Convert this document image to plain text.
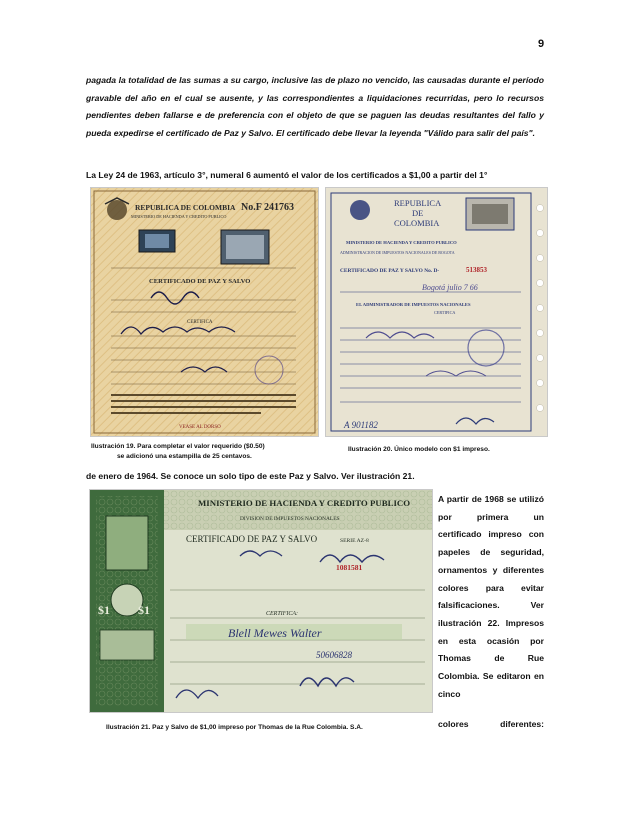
9

pagada la totalidad de las sumas a su cargo, inclusive las de plazo no vencido, las causadas durante el período gravable del año en el cual se ausente, y las correspondientes a liquidaciones recurridas, pero lo recursos pendientes deben fallarse e de preferencia con el objeto de que se paguen las deudas resultantes del fallo y pueda expedirse el certificado de Paz y Salvo. El certificado debe llevar la leyenda "Válido para salir del país".

La Ley 24 de 1963, artículo 3°, numeral 6 aumentó el valor de los certificados a $1,00 a partir del 1°

REPUBLICA DE COLOMBIA
MINISTERIO DE HACIENDA Y CREDITO PUBLICO
No.F 241763
CERTIFICADO DE PAZ Y SALVO
CERTIFICA
VEASE AL DORSO
REPUBLICA
DE
COLOMBIA
MINISTERIO DE HACIENDA Y CREDITO PUBLICO
ADMINISTRACION DE IMPUESTOS NACIONALES DE BOGOTA
CERTIFICADO DE PAZ Y SALVO No. D-	513853
Bogotá julio 7 66
EL ADMINISTRADOR DE IMPUESTOS NACIONALES
CERTIFICA
A 901182

Ilustración 19. Para completar el valor requerido ($0.50)

se adicionó una estampilla de 25 centavos.

Ilustración 20. Único modelo con $1 impreso.

de enero de 1964. Se conoce un solo tipo de este Paz y Salvo. Ver ilustración 21.

$1 $1
MINISTERIO DE HACIENDA Y CREDITO PUBLICO
DIVISION DE IMPUESTOS NACIONALES
CERTIFICADO DE PAZ Y SALVO	SERIE AZ-8
1081581
CERTIFICA:
Blell Mewes Walter
50606828

Ilustración 21. Paz y Salvo de $1,00 impreso por Thomas de la Rue Colombia. S.A.

A partir de 1968 se utilizó por primera un certificado impreso con papeles de seguridad, ornamentos y diferentes colores para evitar falsificaciones. Ver ilustración 22. Impresos en esta ocasión por Thomas de Rue Colombia. Se editaron en cinco

colores diferentes:
